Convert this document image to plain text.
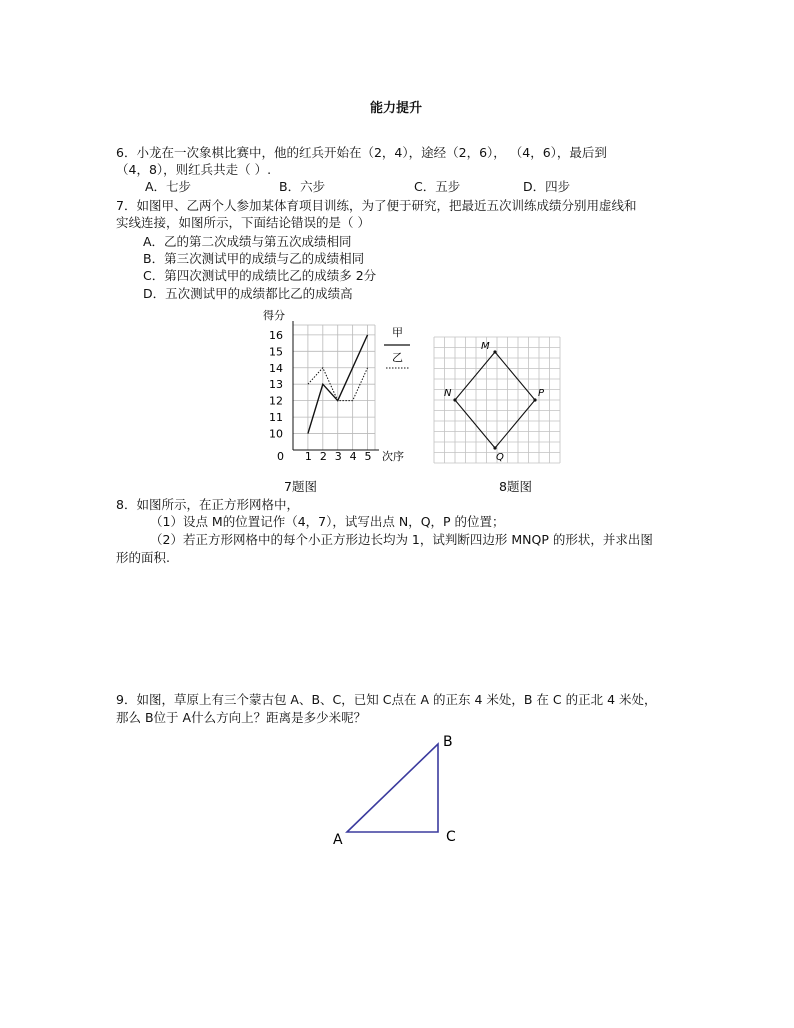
能力提升
6．小龙在一次象棋比赛中，他的红兵开始在（2，4），途经（2，6）， （4，6），最后到
（4，8），则红兵共走（ ）.
A．七步	B．六步	C．五步	D．四步
7．如图甲、乙两个人参加某体育项目训练，为了便于研究，把最近五次训练成绩分别用虚线和
实线连接，如图所示，下面结论错误的是（ ）
A．乙的第二次成绩与第五次成绩相同
B．第三次测试甲的成绩与乙的成绩相同
C．第四次测试甲的成绩比乙的成绩多 2分
D．五次测试甲的成绩都比乙的成绩高
得分
10
11
12
13
14
15
16
1 2 3 4 5
0	次序
甲
乙
7题图
M
P
Q
N
8题图
8．如图所示，在正方形网格中，
（1）设点 M的位置记作（4，7），试写出点 N，Q，P 的位置；
（2）若正方形网格中的每个小正方形边长均为 1，试判断四边形 MNQP 的形状，并求出图
形的面积.
9．如图，草原上有三个蒙古包 A、B、C，已知 C点在 A 的正东 4 米处，B 在 C 的正北 4 米处，
那么 B位于 A什么方向上？距离是多少米呢？
A
B
C
